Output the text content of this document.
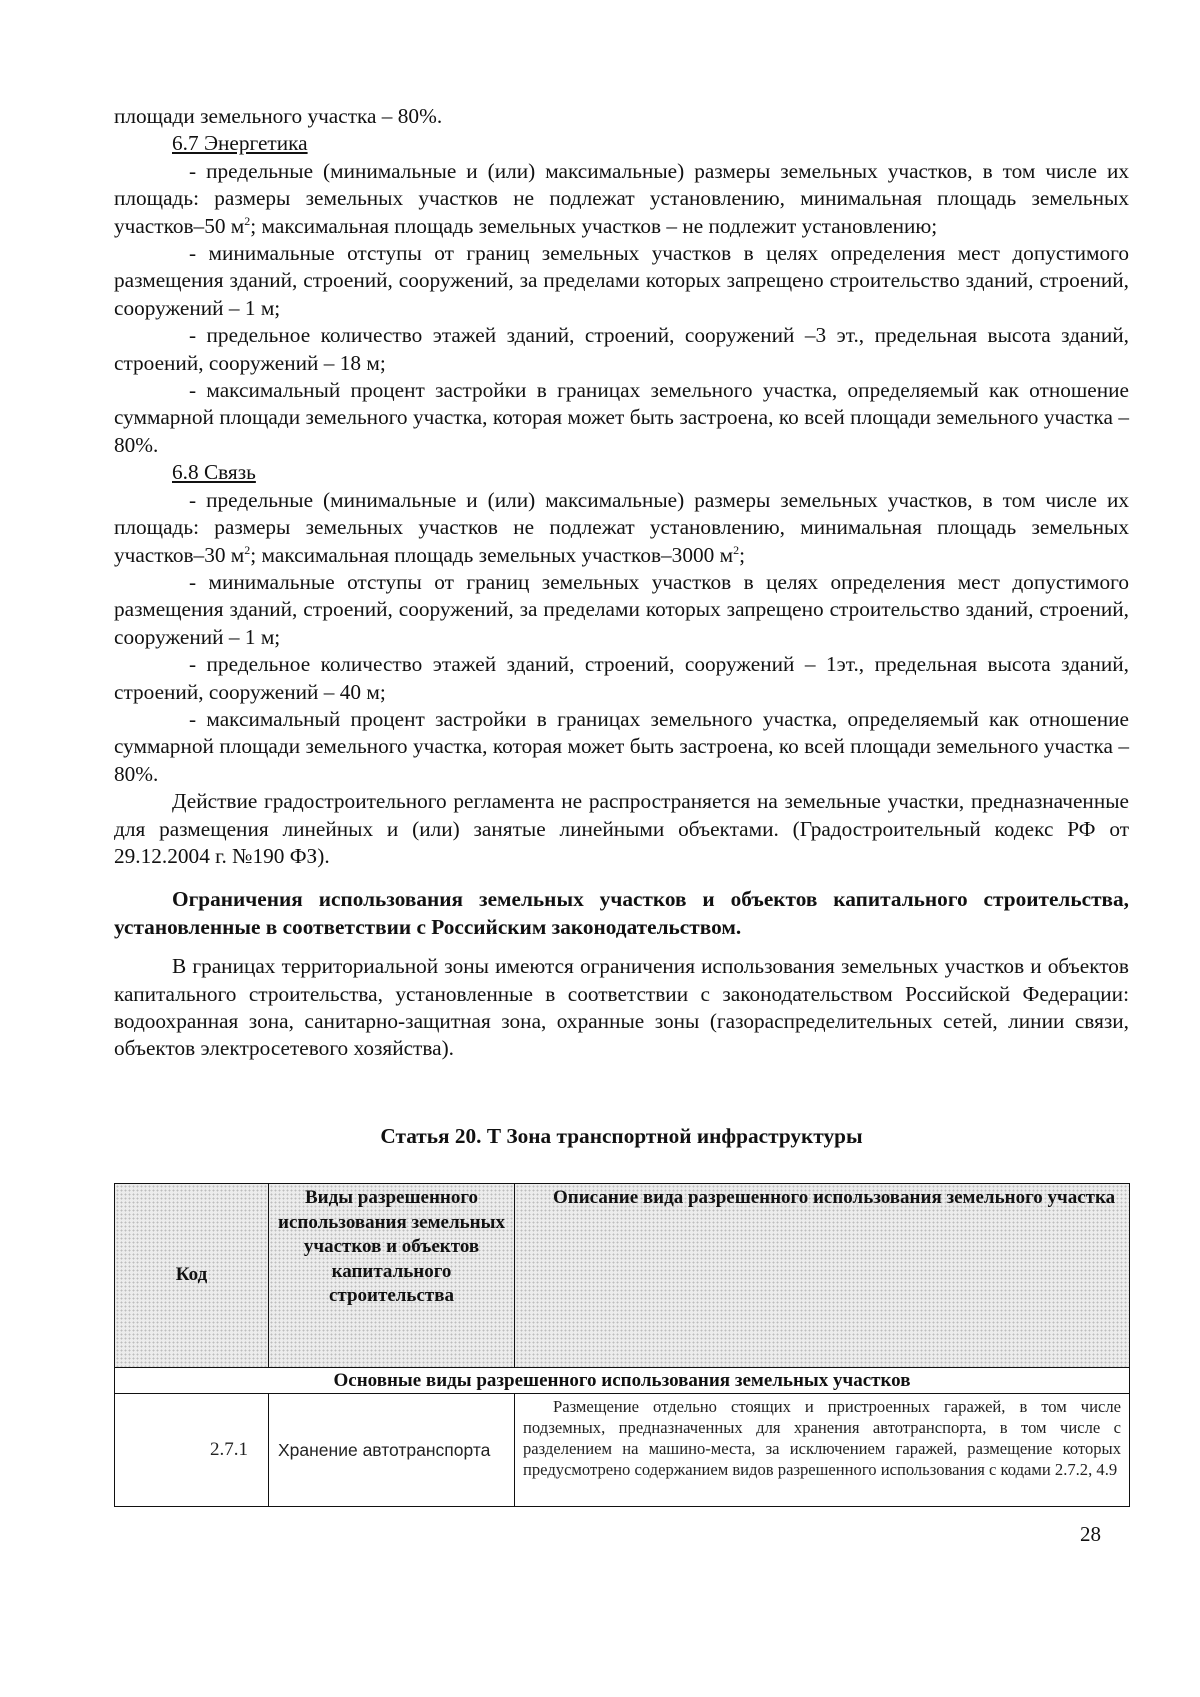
площади земельного участка – 80%.

6.7 Энергетика

- предельные (минимальные и (или) максимальные) размеры земельных участков, в том числе их площадь: размеры земельных участков не подлежат установлению, минимальная площадь земельных участков–50 $м^2$; максимальная площадь земельных участков – не подлежит установлению;

- минимальные отступы от границ земельных участков в целях определения мест допустимого размещения зданий, строений, сооружений, за пределами которых запрещено строительство зданий, строений, сооружений – 1 м;

- предельное количество этажей зданий, строений, сооружений –3 эт., предельная высота зданий, строений, сооружений – 18 м;

- максимальный процент застройки в границах земельного участка, определяемый как отношение суммарной площади земельного участка, которая может быть застроена, ко всей площади земельного участка – 80%.

6.8 Связь

- предельные (минимальные и (или) максимальные) размеры земельных участков, в том числе их площадь: размеры земельных участков не подлежат установлению, минимальная площадь земельных участков–30 $м^2$; максимальная площадь земельных участков–3000 $м^2$;

- минимальные отступы от границ земельных участков в целях определения мест допустимого размещения зданий, строений, сооружений, за пределами которых запрещено строительство зданий, строений, сооружений – 1 м;

- предельное количество этажей зданий, строений, сооружений – 1эт., предельная высота зданий, строений, сооружений – 40 м;

- максимальный процент застройки в границах земельного участка, определяемый как отношение суммарной площади земельного участка, которая может быть застроена, ко всей площади земельного участка – 80%.

Действие градостроительного регламента не распространяется на земельные участки, предназначенные для размещения линейных и (или) занятые линейными объектами. (Градостроительный кодекс РФ от 29.12.2004 г. №190 ФЗ).

Ограничения использования земельных участков и объектов капитального строительства, установленные в соответствии с Российским законодательством.

В границах территориальной зоны имеются ограничения использования земельных участков и объектов капитального строительства, установленные в соответствии с законодательством Российской Федерации: водоохранная зона, санитарно-защитная зона, охранные зоны (газораспределительных сетей, линии связи, объектов электросетевого хозяйства).

Статья 20. Т Зона транспортной инфраструктуры
Код	Виды разрешенного использования земельных участков и объектов капитального строительства	Описание вида разрешенного использования земельного участка
Основные виды разрешенного использования земельных участков		
2.7.1	Хранение автотранспорта	Размещение отдельно стоящих и пристроенных гаражей, в том числе подземных, предназначенных для хранения автотранспорта, в том числе с разделением на машино-места, за исключением гаражей, размещение которых предусмотрено содержанием видов разрешенного использования с кодами 2.7.2, 4.9
28
